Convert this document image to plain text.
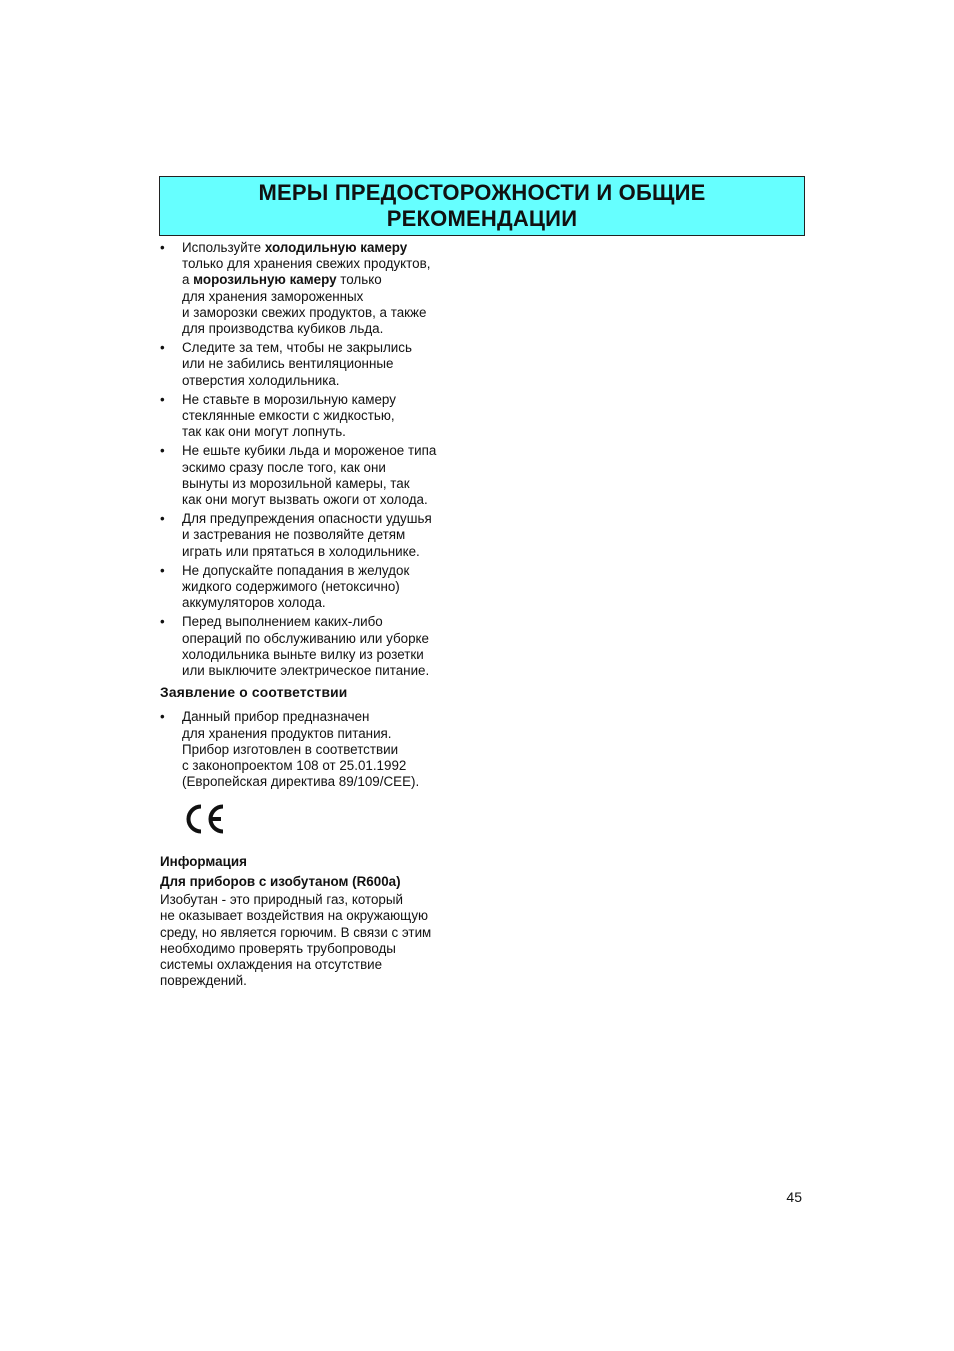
МЕРЫ ПРЕДОСТОРОЖНОСТИ И ОБЩИЕ
РЕКОМЕНДАЦИИ
•	Используйте холодильную камеру
только для хранения свежих продуктов,
а морозильную камеру только
для хранения замороженных
и заморозки свежих продуктов, а также
для производства кубиков льда.
•	Следите за тем, чтобы не закрылись
или не забились вентиляционные
отверстия холодильника.
•	Не ставьте в морозильную камеру
стеклянные емкости с жидкостью,
так как они могут лопнуть.
•	Не ешьте кубики льда и мороженое типа
эскимо сразу после того, как они
вынуты из морозильной камеры, так
как они могут вызвать ожоги от холода.
•	Для предупреждения опасности удушья
и застревания не позволяйте детям
играть или прятаться в холодильнике.
•	Не допускайте попадания в желудок
жидкого содержимого (нетоксично)
аккумуляторов холода.
•	Перед выполнением каких-либо
операций по обслуживанию или уборке
холодильника выньте вилку из розетки
или выключите электрическое питание.
Заявление о соответствии
•	Данный прибор предназначен
для хранения продуктов питания.
Прибор изготовлен в соответствии
с законопроектом 108 от 25.01.1992
(Европейская директива 89/109/CEE).
Информация
Для приборов с изобутаном (R600a)
Изобутан - это природный газ, который
не оказывает воздействия на окружающую
среду, но является горючим. В связи с этим
необходимо проверять трубопроводы
системы охлаждения на отсутствие
повреждений.
45
